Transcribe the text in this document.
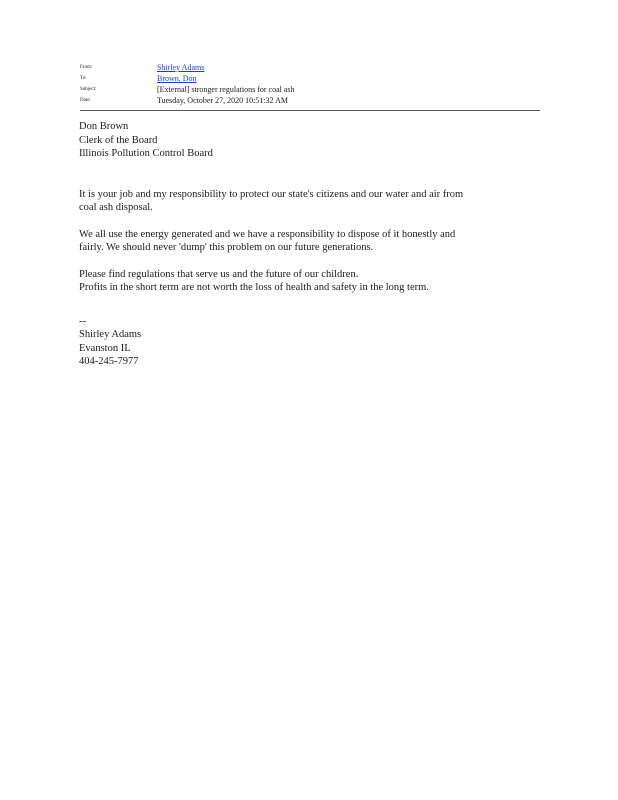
From:	Shirley Adams
To:	Brown, Don
Subject:	[External] stronger regulations for coal ash
Date:	Tuesday, October 27, 2020 10:51:32 AM

Don Brown

Clerk of the Board

Illinois Pollution Control Board

It is your job and my responsibility to protect our state's citizens and our water and air from

coal ash disposal.

We all use the energy generated and we have a responsibility to dispose of it honestly and

fairly. We should never 'dump' this problem on our future generations.

Please find regulations that serve us and the future of our children.

Profits in the short term are not worth the loss of health and safety in the long term.

--

Shirley Adams

Evanston IL

404-245-7977
